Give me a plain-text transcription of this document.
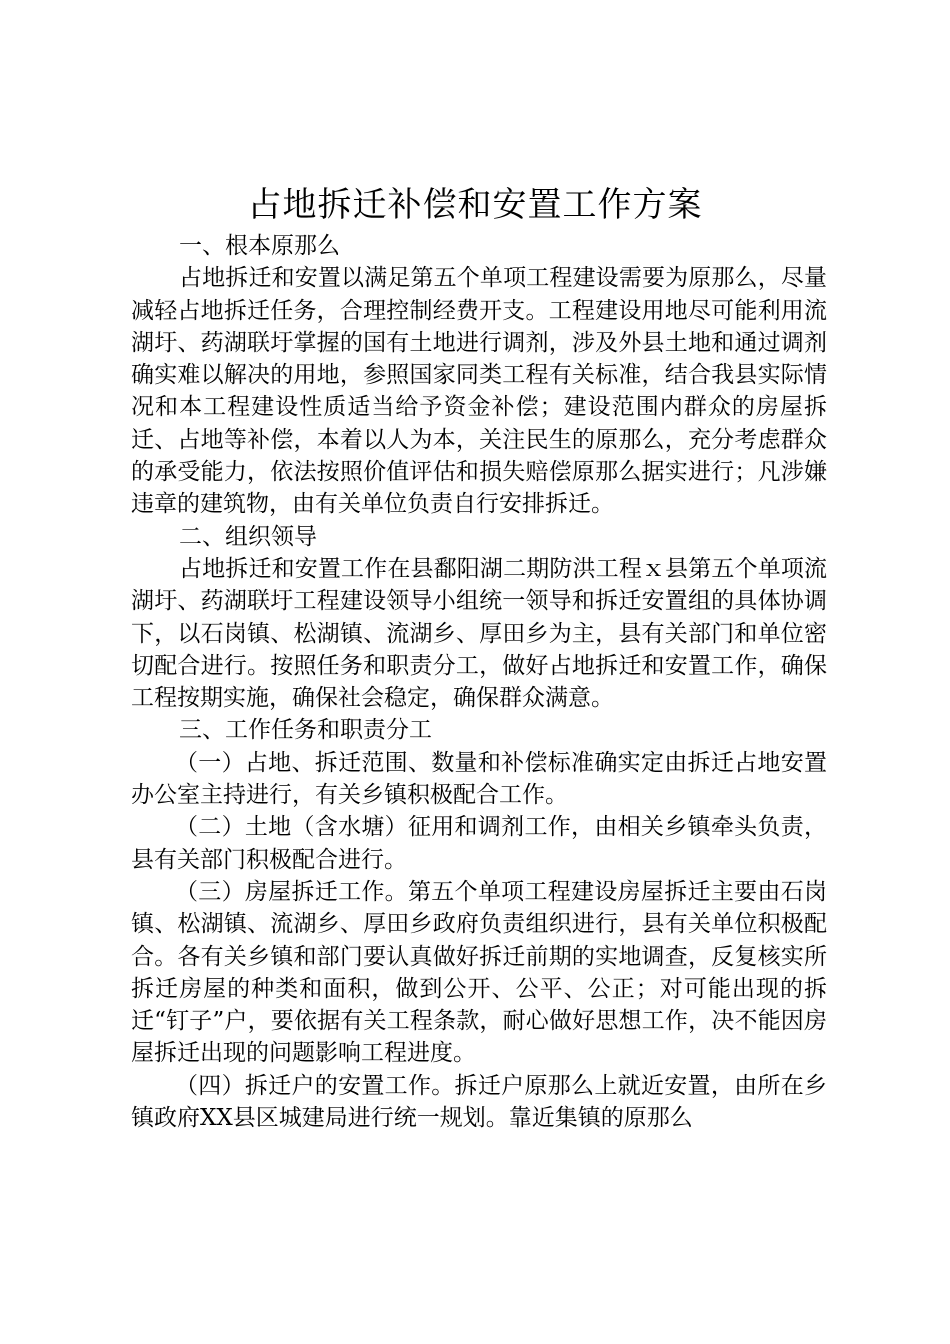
占地拆迁补偿和安置工作方案

一、根本原那么

占地拆迁和安置以满足第五个单项工程建设需要为原那么，尽量减轻占地拆迁任务，合理控制经费开支。工程建设用地尽可能利用流湖圩、药湖联圩掌握的国有土地进行调剂，涉及外县土地和通过调剂确实难以解决的用地，参照国家同类工程有关标准，结合我县实际情况和本工程建设性质适当给予资金补偿；建设范围内群众的房屋拆迁、占地等补偿，本着以人为本，关注民生的原那么，充分考虑群众的承受能力，依法按照价值评估和损失赔偿原那么据实进行；凡涉嫌违章的建筑物，由有关单位负责自行安排拆迁。

二、组织领导

占地拆迁和安置工作在县鄱阳湖二期防洪工程ｘ县第五个单项流湖圩、药湖联圩工程建设领导小组统一领导和拆迁安置组的具体协调下，以石岗镇、松湖镇、流湖乡、厚田乡为主，县有关部门和单位密切配合进行。按照任务和职责分工，做好占地拆迁和安置工作，确保工程按期实施，确保社会稳定，确保群众满意。

三、工作任务和职责分工

（一）占地、拆迁范围、数量和补偿标准确实定由拆迁占地安置办公室主持进行，有关乡镇积极配合工作。

（二）土地（含水塘）征用和调剂工作，由相关乡镇牵头负责，县有关部门积极配合进行。

（三）房屋拆迁工作。第五个单项工程建设房屋拆迁主要由石岗镇、松湖镇、流湖乡、厚田乡政府负责组织进行，县有关单位积极配合。各有关乡镇和部门要认真做好拆迁前期的实地调查，反复核实所拆迁房屋的种类和面积，做到公开、公平、公正；对可能出现的拆迁“钉子”户，要依据有关工程条款，耐心做好思想工作，决不能因房屋拆迁出现的问题影响工程进度。

（四）拆迁户的安置工作。拆迁户原那么上就近安置，由所在乡镇政府XX县区城建局进行统一规划。靠近集镇的原那么
